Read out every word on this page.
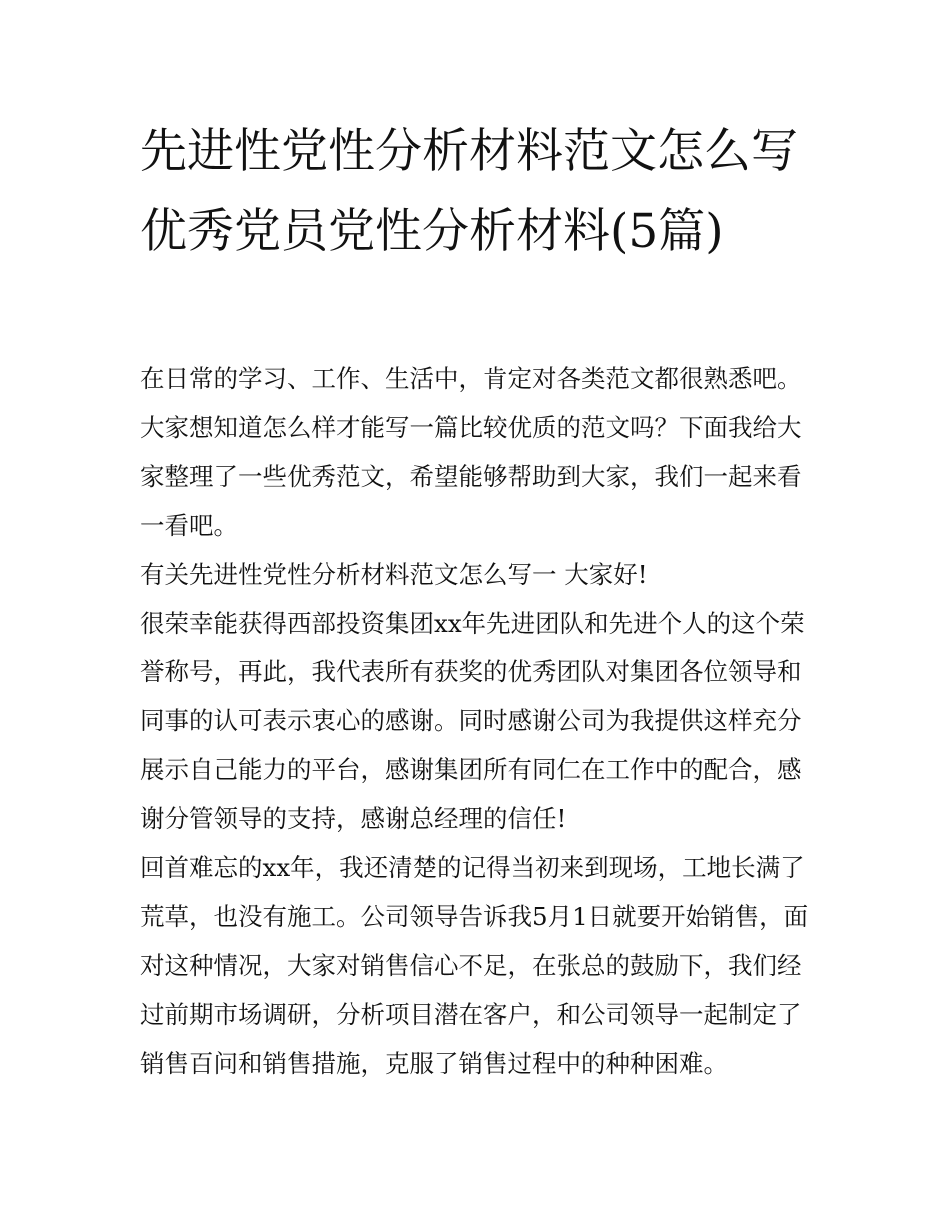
先进性党性分析材料范文怎么写 优秀党员党性分析材料(5篇)

在日常的学习、工作、生活中，肯定对各类范文都很熟悉吧。大家想知道怎么样才能写一篇比较优质的范文吗？下面我给大家整理了一些优秀范文，希望能够帮助到大家，我们一起来看一看吧。

有关先进性党性分析材料范文怎么写一 大家好!

很荣幸能获得西部投资集团xx年先进团队和先进个人的这个荣誉称号，再此，我代表所有获奖的优秀团队对集团各位领导和同事的认可表示衷心的感谢。同时感谢公司为我提供这样充分展示自己能力的平台，感谢集团所有同仁在工作中的配合，感谢分管领导的支持，感谢总经理的信任!

回首难忘的xx年，我还清楚的记得当初来到现场，工地长满了荒草，也没有施工。公司领导告诉我5月1日就要开始销售，面对这种情况，大家对销售信心不足，在张总的鼓励下，我们经过前期市场调研，分析项目潜在客户，和公司领导一起制定了销售百问和销售措施，克服了销售过程中的种种困难。
